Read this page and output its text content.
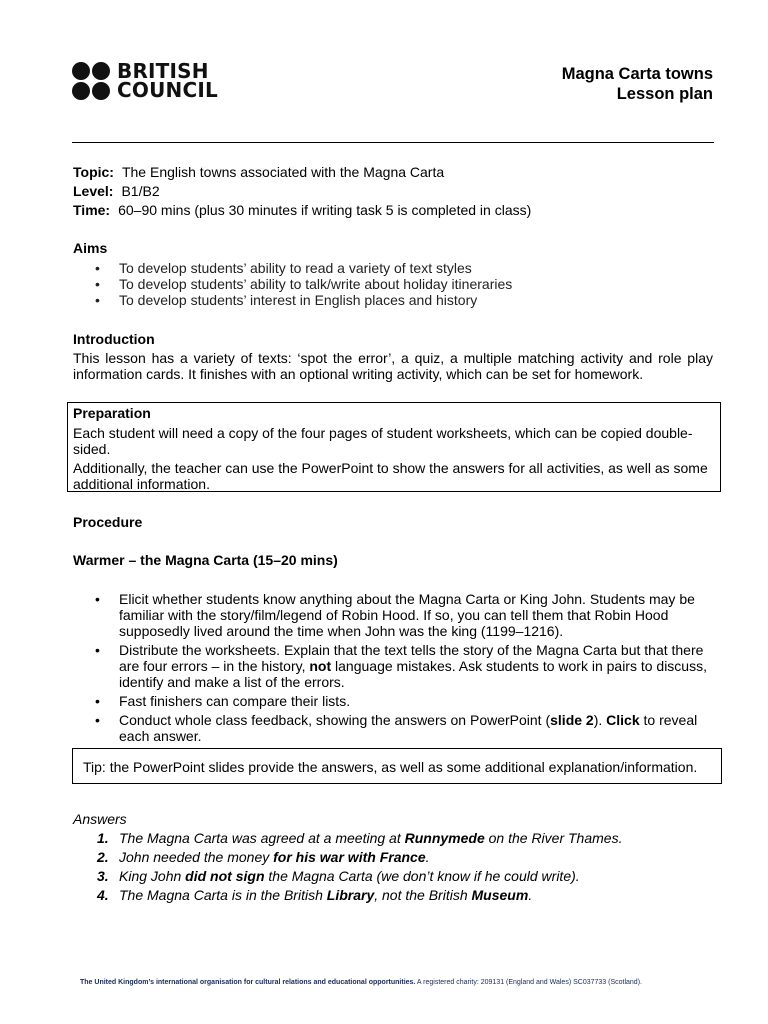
BRITISH
COUNCIL
Magna Carta towns
Lesson plan
Topic: The English towns associated with the Magna Carta
Level: B1/B2
Time: 60–90 mins (plus 30 minutes if writing task 5 is completed in class)
Aims
• To develop students’ ability to read a variety of text styles
• To develop students’ ability to talk/write about holiday itineraries
• To develop students’ interest in English places and history
Introduction
This lesson has a variety of texts: ‘spot the error’, a quiz, a multiple matching activity and role play information cards. It finishes with an optional writing activity, which can be set for homework.
Preparation
Each student will need a copy of the four pages of student worksheets, which can be copied double-sided.
Additionally, the teacher can use the PowerPoint to show the answers for all activities, as well as some additional information.
Procedure
Warmer – the Magna Carta (15–20 mins)
• Elicit whether students know anything about the Magna Carta or King John. Students may be familiar with the story/film/legend of Robin Hood. If so, you can tell them that Robin Hood supposedly lived around the time when John was the king (1199–1216).
• Distribute the worksheets. Explain that the text tells the story of the Magna Carta but that there are four errors – in the history, not language mistakes. Ask students to work in pairs to discuss, identify and make a list of the errors.
• Fast finishers can compare their lists.
• Conduct whole class feedback, showing the answers on PowerPoint (slide 2). Click to reveal each answer.
Tip: the PowerPoint slides provide the answers, as well as some additional explanation/information.
Answers
1. The Magna Carta was agreed at a meeting at Runnymede on the River Thames.
2. John needed the money for his war with France.
3. King John did not sign the Magna Carta (we don’t know if he could write).
4. The Magna Carta is in the British Library, not the British Museum.
The United Kingdom’s international organisation for cultural relations and educational opportunities. A registered charity: 209131 (England and Wales) SC037733 (Scotland).
